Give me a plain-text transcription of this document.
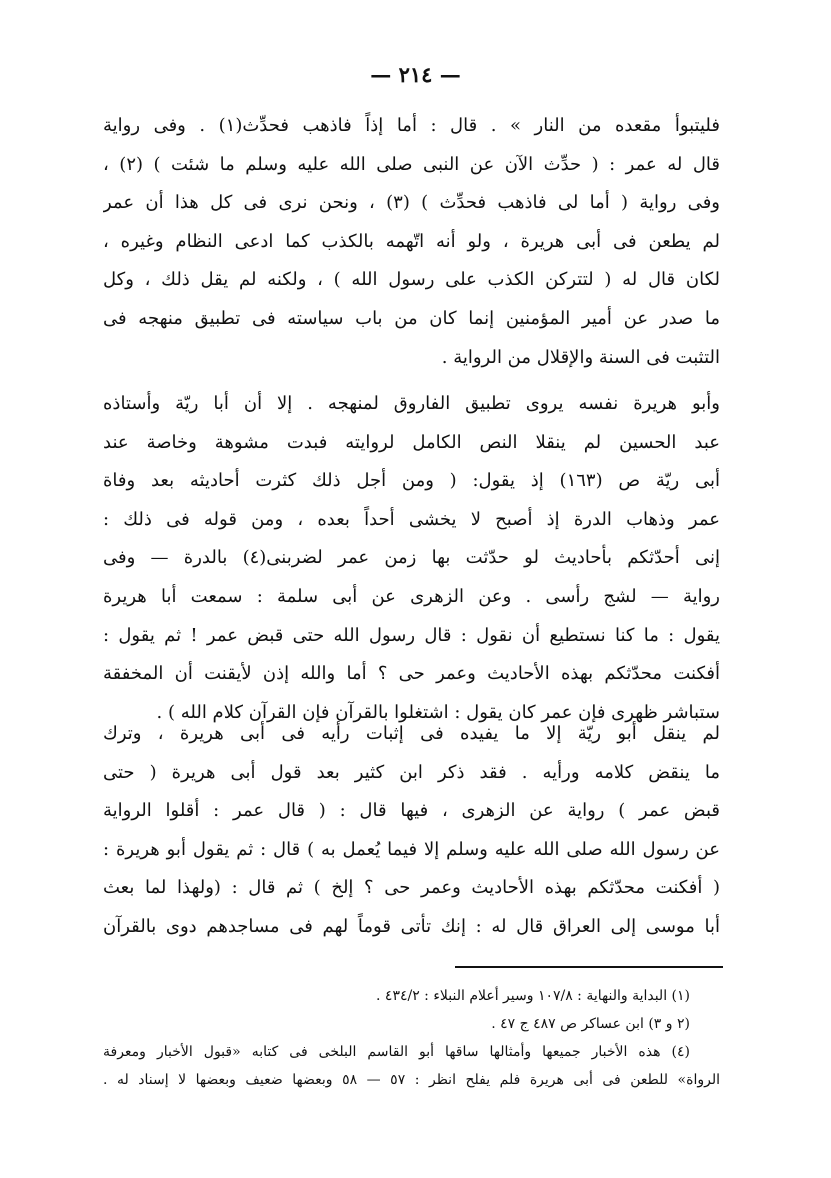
— ٢١٤ —
فليتبوأ مقعده من النار » . قال : أما إذاً فاذهب فحدِّث(١) . وفى رواية
قال له عمر : ( حدِّث الآن عن النبى صلى الله عليه وسلم ما شئت ) (٢) ،
وفى رواية ( أما لى فاذهب فحدِّث ) (٣) ، ونحن نرى فى كل هذا أن عمر
لم يطعن فى أبى هريرة ، ولو أنه اتّهمه بالكذب كما ادعى النظام وغيره ،
لكان قال له ( لتتركن الكذب على رسول الله ) ، ولكنه لم يقل ذلك ، وكل
ما صدر عن أمير المؤمنين إنما كان من باب سياسته فى تطبيق منهجه فى
التثبت فى السنة والإقلال من الرواية .
وأبو هريرة نفسه يروى تطبيق الفاروق لمنهجه . إلا أن أبا ريّة وأستاذه
عبد الحسين لم ينقلا النص الكامل لروايته فبدت مشوهة وخاصة عند
أبى ريّة ص (١٦٣) إذ يقول: ( ومن أجل ذلك كثرت أحاديثه بعد وفاة
عمر وذهاب الدرة إذ أصبح لا يخشى أحداً بعده ، ومن قوله فى ذلك :
إنى أحدّثكم بأحاديث لو حدّثت بها زمن عمر لضربنى(٤) بالدرة — وفى
رواية — لشج رأسى . وعن الزهرى عن أبى سلمة : سمعت أبا هريرة
يقول : ما كنا نستطيع أن نقول : قال رسول الله حتى قبض عمر ! ثم يقول :
أفكنت محدّثكم بهذه الأحاديث وعمر حى ؟ أما والله إذن لأيقنت أن المخفقة
ستباشر ظهرى فإن عمر كان يقول : اشتغلوا بالقرآن فإن القرآن كلام الله ) .
لم ينقل أبو ريّة إلا ما يفيده فى إثبات رأيه فى أبى هريرة ، وترك
ما ينقض كلامه ورأيه . فقد ذكر ابن كثير بعد قول أبى هريرة ( حتى
قبض عمر ) رواية عن الزهرى ، فيها قال : ( قال عمر : أقلوا الرواية
عن رسول الله صلى الله عليه وسلم إلا فيما يُعمل به ) قال : ثم يقول أبو هريرة :
( أفكنت محدّثكم بهذه الأحاديث وعمر حى ؟ إلخ ) ثم قال : (ولهذا لما بعث
أبا موسى إلى العراق قال له : إنك تأتى قوماً لهم فى مساجدهم دوى بالقرآن
(١) البداية والنهاية : ١٠٧/٨ وسير أعلام النبلاء : ٤٣٤/٢ .
(٢ و ٣) ابن عساكر ص ٤٨٧ ج ٤٧ .
(٤) هذه الأخبار جميعها وأمثالها ساقها أبو القاسم البلخى فى كتابه «قبول الأخبار ومعرفة
الرواة» للطعن فى أبى هريرة فلم يفلح انظر : ٥٧ — ٥٨ وبعضها ضعيف وبعضها لا إسناد له .
